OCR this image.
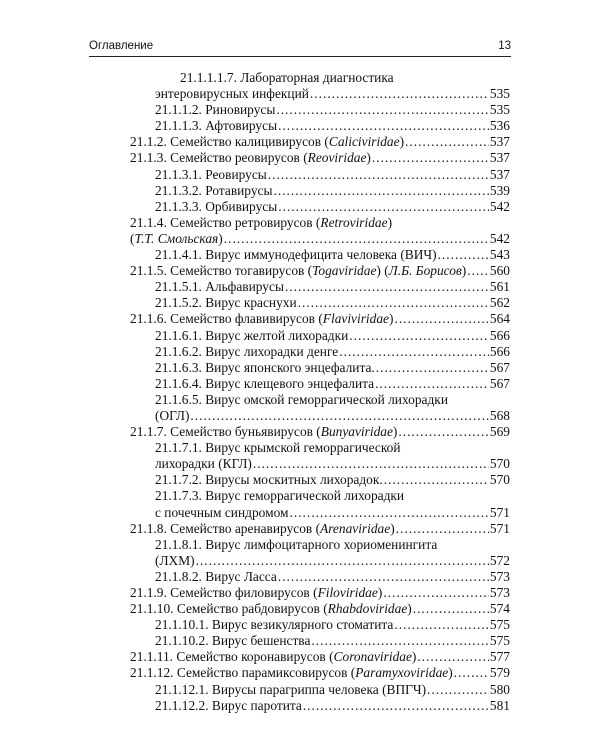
Оглавление	13
21.1.1.1.7. Лабораторная диагностика
энтеровирусных инфекций .....	535
21.1.1.2. Риновирусы .....	535
21.1.1.3. Афтовирусы .....	536
21.1.2. Семейство калицивирусов (Caliciviridae) .....	537
21.1.3. Семейство реовирусов (Reoviridae) .....	537
21.1.3.1. Реовирусы .....	537
21.1.3.2. Ротавирусы .....	539
21.1.3.3. Орбивирусы .....	542
21.1.4. Семейство ретровирусов (Retroviridae)
(Т.Т. Смольская) .....	542
21.1.4.1. Вирус иммунодефицита человека (ВИЧ) .....	543
21.1.5. Семейство тогавирусов (Togaviridae) (Л.Б. Борисов) ..... 560
21.1.5.1. Альфавирусы .....	561
21.1.5.2. Вирус краснухи .....	562
21.1.6. Семейство флавивирусов (Flaviviridae) .....	564
21.1.6.1. Вирус желтой лихорадки .....	566
21.1.6.2. Вирус лихорадки денге .....	566
21.1.6.3. Вирус японского энцефалита. .....	567
21.1.6.4. Вирус клещевого энцефалита .....	567
21.1.6.5. Вирус омской геморрагической лихорадки
(ОГЛ) .....	568
21.1.7. Семейство буньявирусов (Bunyaviridae) .....	569
21.1.7.1. Вирус крымской геморрагической
лихорадки (КГЛ) .....	570
21.1.7.2. Вирусы москитных лихорадок. .....	570
21.1.7.3. Вирус геморрагической лихорадки
с почечным синдромом .....	571
21.1.8. Семейство аренавирусов (Arenaviridae) .....	571
21.1.8.1. Вирус лимфоцитарного хориоменингита
(ЛХМ) .....	572
21.1.8.2. Вирус Ласса .....	573
21.1.9. Семейство филовирусов (Filoviridae) .....	573
21.1.10. Семейство рабдовирусов (Rhabdoviridae) .....	574
21.1.10.1. Вирус везикулярного стоматита .....	575
21.1.10.2. Вирус бешенства .....	575
21.1.11. Семейство коронавирусов (Coronaviridae) .....	577
21.1.12. Семейство парамиксовирусов (Paramyxoviridae) .....	579
21.1.12.1. Вирусы парагриппа человека (ВПГЧ) .....	580
21.1.12.2. Вирус паротита .....	581
